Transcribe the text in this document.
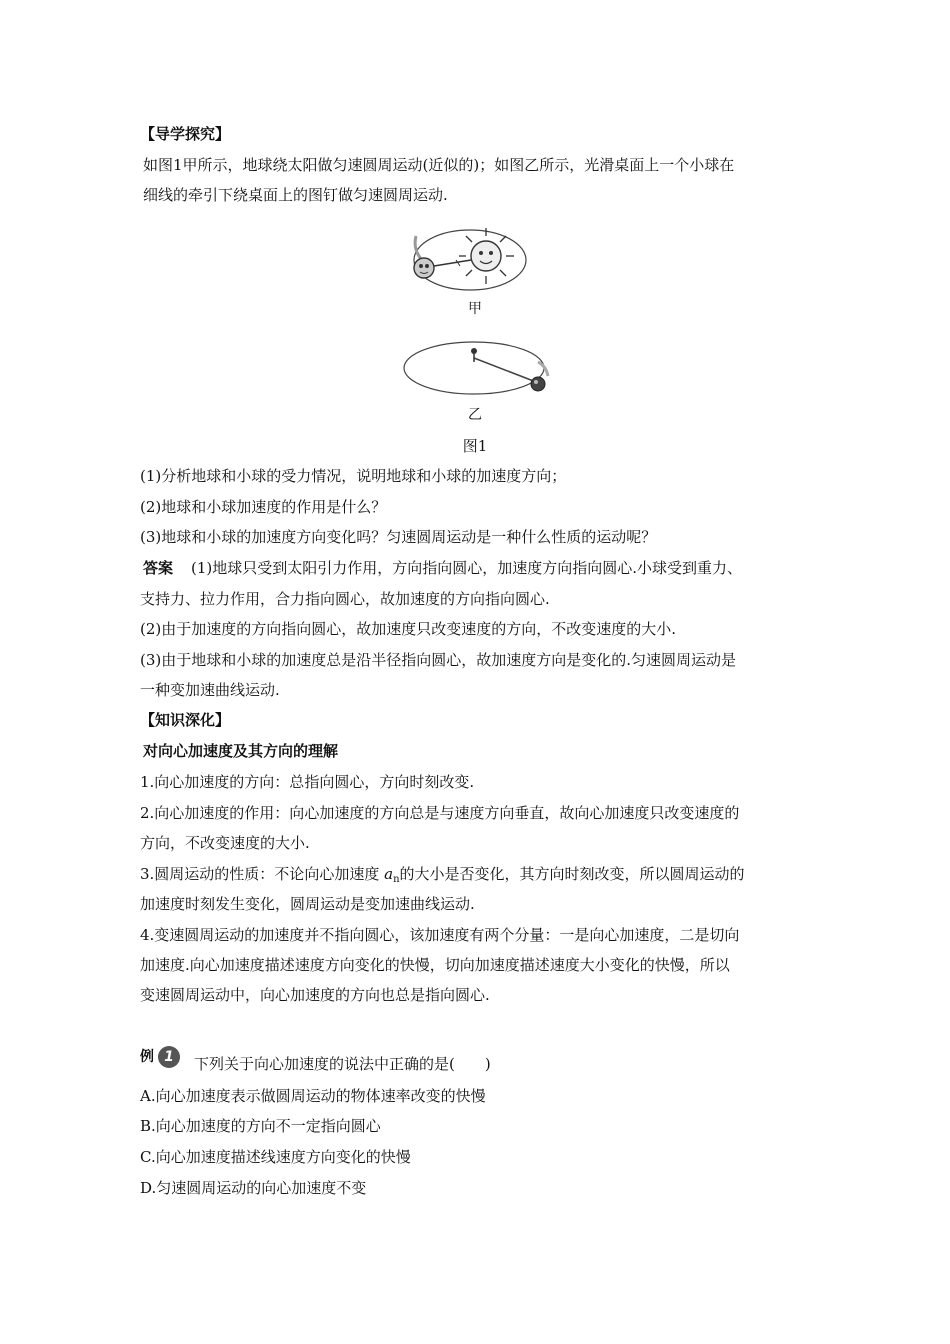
【导学探究】
如图1甲所示，地球绕太阳做匀速圆周运动(近似的)；如图乙所示，光滑桌面上一个小球在
细线的牵引下绕桌面上的图钉做匀速圆周运动.
甲
乙
图1
(1)分析地球和小球的受力情况，说明地球和小球的加速度方向；
(2)地球和小球加速度的作用是什么？
(3)地球和小球的加速度方向变化吗？匀速圆周运动是一种什么性质的运动呢？
答案 (1)地球只受到太阳引力作用，方向指向圆心，加速度方向指向圆心.小球受到重力、
支持力、拉力作用，合力指向圆心，故加速度的方向指向圆心.
(2)由于加速度的方向指向圆心，故加速度只改变速度的方向，不改变速度的大小.
(3)由于地球和小球的加速度总是沿半径指向圆心，故加速度方向是变化的.匀速圆周运动是
一种变加速曲线运动.
【知识深化】
对向心加速度及其方向的理解
1.向心加速度的方向：总指向圆心，方向时刻改变.
2.向心加速度的作用：向心加速度的方向总是与速度方向垂直，故向心加速度只改变速度的
方向，不改变速度的大小.
3.圆周运动的性质：不论向心加速度 $a_n$的大小是否变化，其方向时刻改变，所以圆周运动的
加速度时刻发生变化，圆周运动是变加速曲线运动.
4.变速圆周运动的加速度并不指向圆心，该加速度有两个分量：一是向心加速度，二是切向
加速度.向心加速度描述速度方向变化的快慢，切向加速度描述速度大小变化的快慢，所以
变速圆周运动中，向心加速度的方向也总是指向圆心.
例 1 下列关于向心加速度的说法中正确的是(　　)
A.向心加速度表示做圆周运动的物体速率改变的快慢
B.向心加速度的方向不一定指向圆心
C.向心加速度描述线速度方向变化的快慢
D.匀速圆周运动的向心加速度不变
